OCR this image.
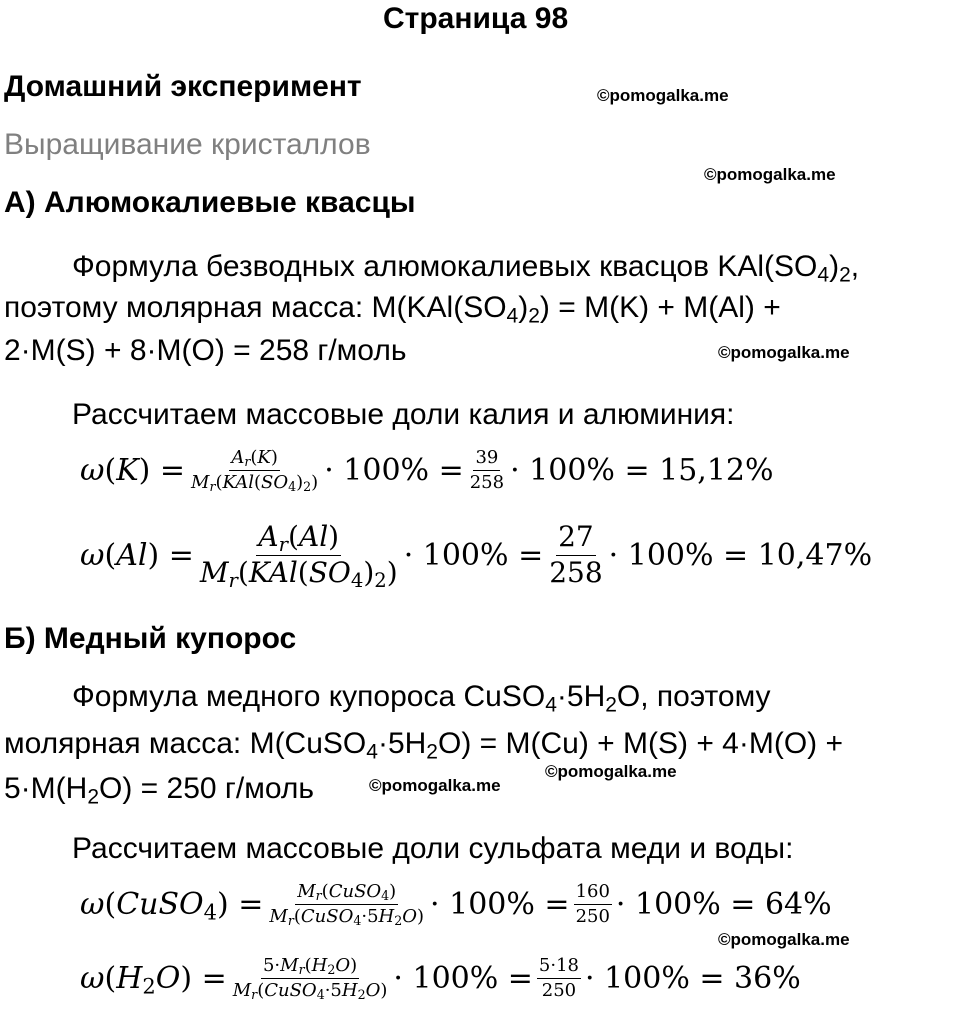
Страница 98
Домашний эксперимент	©pomogalka.me
Выращивание кристаллов
©pomogalka.me
А) Алюмокалиевые квасцы
Формула безводных алюмокалиевых квасцов $KAl(SO_4)_2$,
поэтому молярная масса: $M(KAl(SO_4)_2) = M(K) + M(Al)$ +
2·M(S) + 8·M(O) = 258 г/моль	©pomogalka.me
Рассчитаем массовые доли калия и алюминия:
$\omega(K) = \frac{A_r(K)}{M_r(KAl(SO_4)_2)} \cdot 100\% = \frac{39}{258} \cdot 100\% = 15,12\%$
$\omega(Al) = \frac{A_r(Al)}{M_r(KAl(SO_4)_2)} \cdot 100\% = \frac{27}{258} \cdot 100\% = 10,47\%$
Б) Медный купорос
Формула медного купороса $CuSO_4\cdot 5H_2O$, поэтому
молярная масса: $M(CuSO_4\cdot 5H_2O) = M(Cu) + M(S) + 4\cdot M(O)$ +
$5\cdot M(H_2O) = 250$ г/моль
©pomogalka.me
©pomogalka.me
Рассчитаем массовые доли сульфата меди и воды:
ω(CuSO$_4$) = $\frac{M_r(CuSO_4)}{M_r(CuSO_4\cdot 5H_2O)} \cdot 100\% = \frac{160}{250} \cdot 100\% = 64\%$
©pomogalka.me
$\omega(H_2O) = \frac{5\cdot M_r(H_2O)}{M_r(CuSO_4\cdot 5H_2O)} \cdot 100\% = \frac{5\cdot 18}{250} \cdot 100\% = 36\%$
